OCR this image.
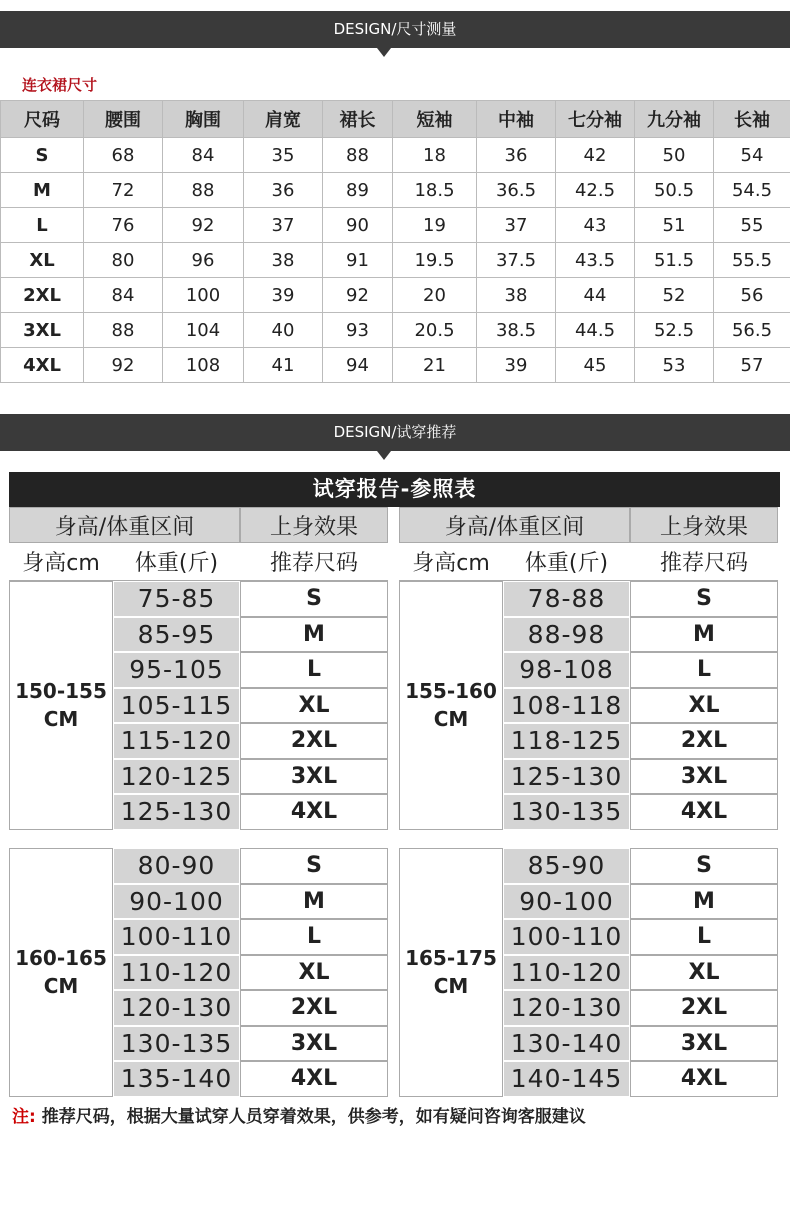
DESIGN/尺寸测量
连衣裙尺寸
尺码	腰围	胸围	肩宽	裙长	短袖	中袖	七分袖	九分袖	长袖
S	68	84	35	88	18	36	42	50	54
M	72	88	36	89	18.5	36.5	42.5	50.5	54.5
L	76	92	37	90	19	37	43	51	55
XL	80	96	38	91	19.5	37.5	43.5	51.5	55.5
2XL	84	100	39	92	20	38	44	52	56
3XL	88	104	40	93	20.5	38.5	44.5	52.5	56.5
4XL	92	108	41	94	21	39	45	53	57
DESIGN/试穿推荐
试穿报告-参照表
身高/体重区间	上身效果
身高cm	体重(斤)	推荐尺码
身高/体重区间	上身效果
身高cm	体重(斤)	推荐尺码
150-155
CM
75-85	S
85-95	M
95-105	L
105-115	XL
115-120	2XL
120-125	3XL
125-130	4XL
155-160
CM
78-88	S
88-98	M
98-108	L
108-118	XL
118-125	2XL
125-130	3XL
130-135	4XL
160-165
CM
80-90	S
90-100	M
100-110	L
110-120	XL
120-130	2XL
130-135	3XL
135-140	4XL
165-175
CM
85-90	S
90-100	M
100-110	L
110-120	XL
120-130	2XL
130-140	3XL
140-145	4XL
注: 推荐尺码，根据大量试穿人员穿着效果，供参考，如有疑问咨询客服建议
